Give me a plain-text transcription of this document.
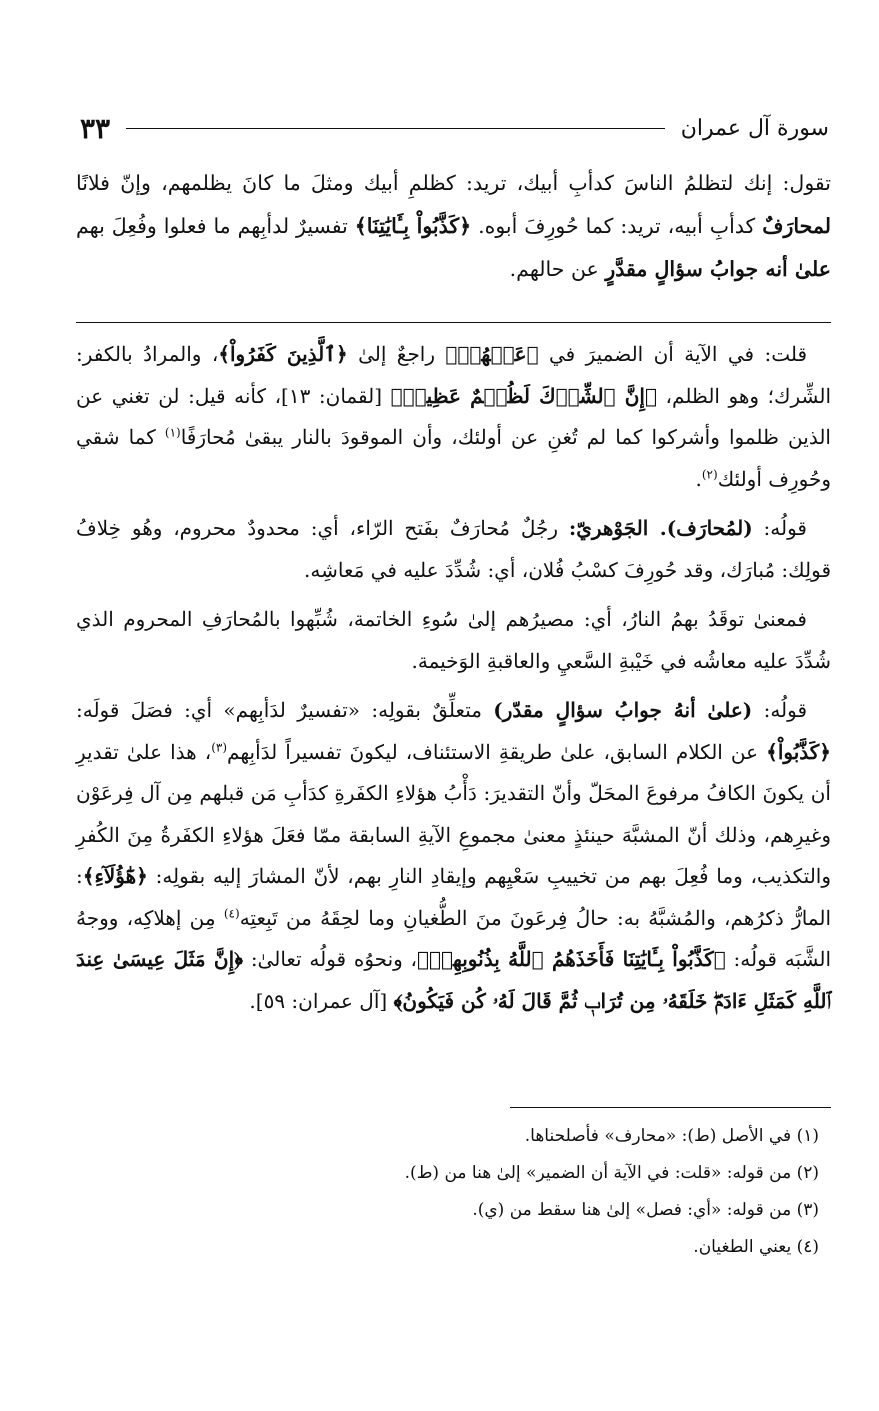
سورة آل عمران
٣٣
تقول: إنك لتظلمُ الناسَ كدأبِ أبيك، تريد: كظلمِ أبيك ومثلَ ما كانَ يظلمهم، وإنّ فلانًا لمحارَفٌ كدأبِ أبيه، تريد: كما حُورِفَ أبوه. ﴿كَذَّبُواْ بِـَٔايَٰتِنَا﴾ تفسيرٌ لدأبِهم ما فعلوا وفُعِلَ بهم علىٰ أنه جوابُ سؤالٍ مقدَّرٍ عن حالهم.

قلت: في الآية أن الضميرَ في ﴿عَنۡهُمۡ﴾ راجعٌ إلىٰ ﴿ٱلَّذِينَ كَفَرُواْ﴾، والمرادُ بالكفر: الشِّرك؛ وهو الظلم، ﴿إِنَّ ٱلشِّرۡكَ لَظُلۡمٌ عَظِيمٞ﴾ [لقمان: ١٣]، كأنه قيل: لن تغني عن الذين ظلموا وأشركوا كما لم تُغنِ عن أولئك، وأن الموقودَ بالنار يبقىٰ مُحارَفًا$^{(١)}$ كما شقي وحُورِف أولئك$^{(٢)}$.

قولُه: (لمُحارَف). الجَوْهريّ: رجُلٌ مُحارَفٌ بفَتح الرّاء، أي: محدودٌ محروم، وهُو خِلافُ قولِك: مُبارَك، وقد حُورِفَ كسْبُ فُلان، أي: شُدِّدَ عليه في مَعاشِه.

فمعنىٰ توقَدُ بهمُ النارُ، أي: مصيرُهم إلىٰ سُوءِ الخاتمة، شُبِّهوا بالمُحارَفِ المحروم الذي شُدِّدَ عليه معاشُه في خَيْبةِ السَّعيِ والعاقبةِ الوَخيمة.

قولُه: (علىٰ أنهُ جوابُ سؤالٍ مقدّر) متعلِّقٌ بقولِه: «تفسيرٌ لدَأبِهم» أي: فصَلَ قولَه: ﴿كَذَّبُواْ﴾ عن الكلام السابق، علىٰ طريقةِ الاستئناف، ليكونَ تفسيراً لدَأبِهم$^{(٣)}$، هذا علىٰ تقديرِ أن يكونَ الكافُ مرفوعَ المحَلّ وأنّ التقديرَ: دَأْبُ هؤلاءِ الكفَرةِ كدَأبِ مَن قبلهم مِن آل فِرعَوْن وغيرِهم، وذلك أنّ المشبَّهَ حينئذٍ معنىٰ مجموعِ الآيةِ السابقة ممّا فعَلَ هؤلاءِ الكفَرةُ مِنَ الكُفرِ والتكذيب، وما فُعِلَ بهم من تخييبِ سَعْيِهم وإيقادِ النارِ بهم، لأنّ المشارَ إليه بقولِه: ﴿هَٰٓؤُلَآءِ﴾: المارُّ ذكرُهم، والمُشبَّهُ به: حالُ فِرعَونَ منَ الطُّغيانِ وما لحِقَهُ من تَبِعتِه$^{(٤)}$ مِن إهلاكِه، ووجهُ الشَّبَه قولُه: ﴿كَذَّبُواْ بِـَٔايَٰتِنَا فَأَخَذَهُمُ ٱللَّهُ بِذُنُوبِهِمۡ﴾، ونحوُه قولُه تعالىٰ: ﴿إِنَّ مَثَلَ عِيسَىٰ عِندَ ٱللَّهِ كَمَثَلِ ءَادَمَۖ خَلَقَهُۥ مِن تُرَابٖ ثُمَّ قَالَ لَهُۥ كُن فَيَكُونُ﴾ [آل عمران: ٥٩].

(١) في الأصل (ط): «محارف» فأصلحناها.
(٢) من قوله: «قلت: في الآية أن الضمير» إلىٰ هنا من (ط).
(٣) من قوله: «أي: فصل» إلىٰ هنا سقط من (ي).
(٤) يعني الطغيان.
